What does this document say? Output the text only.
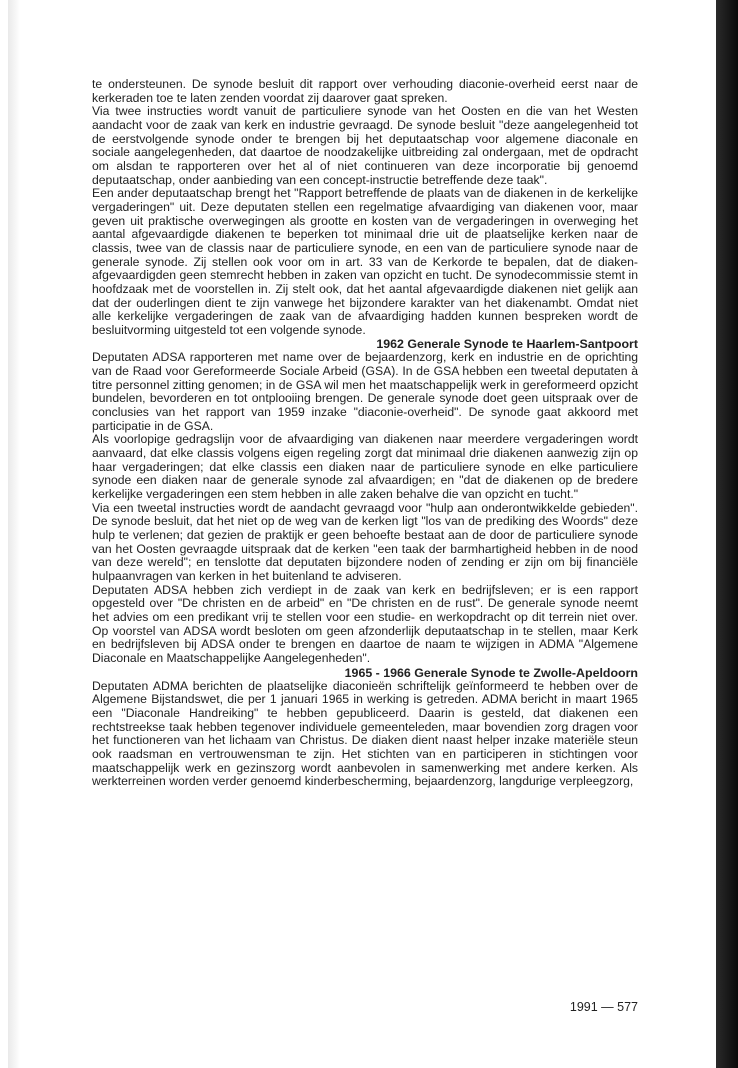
te ondersteunen. De synode besluit dit rapport over verhouding diaconie-overheid eerst naar de kerkeraden toe te laten zenden voordat zij daarover gaat spreken.

Via twee instructies wordt vanuit de particuliere synode van het Oosten en die van het Westen aandacht voor de zaak van kerk en industrie gevraagd. De synode besluit "deze aangelegenheid tot de eerstvolgende synode onder te brengen bij het deputaatschap voor algemene diaconale en sociale aangelegenheden, dat daartoe de noodzakelijke uitbreiding zal ondergaan, met de opdracht om alsdan te rapporteren over het al of niet continueren van deze incorporatie bij genoemd deputaatschap, onder aanbieding van een concept-instructie betreffende deze taak".

Een ander deputaatschap brengt het "Rapport betreffende de plaats van de diakenen in de kerkelijke vergaderingen" uit. Deze deputaten stellen een regelmatige afvaardiging van diakenen voor, maar geven uit praktische overwegingen als grootte en kosten van de vergaderingen in overweging het aantal afgevaardigde diakenen te beperken tot minimaal drie uit de plaatselijke kerken naar de classis, twee van de classis naar de particuliere synode, en een van de particuliere synode naar de generale synode. Zij stellen ook voor om in art. 33 van de Kerkorde te bepalen, dat de diaken-afgevaardigden geen stemrecht hebben in zaken van opzicht en tucht. De synodecommissie stemt in hoofdzaak met de voorstellen in. Zij stelt ook, dat het aantal afgevaardigde diakenen niet gelijk aan dat der ouderlingen dient te zijn vanwege het bijzondere karakter van het diakenambt. Omdat niet alle kerkelijke vergaderingen de zaak van de afvaardiging hadden kunnen bespreken wordt de besluitvorming uitgesteld tot een volgende synode.

1962 Generale Synode te Haarlem-Santpoort

Deputaten ADSA rapporteren met name over de bejaardenzorg, kerk en industrie en de oprichting van de Raad voor Gereformeerde Sociale Arbeid (GSA). In de GSA hebben een tweetal deputaten à titre personnel zitting genomen; in de GSA wil men het maatschappelijk werk in gereformeerd opzicht bundelen, bevorderen en tot ontplooiing brengen. De generale synode doet geen uitspraak over de conclusies van het rapport van 1959 inzake "diaconie-overheid". De synode gaat akkoord met participatie in de GSA.

Als voorlopige gedragslijn voor de afvaardiging van diakenen naar meerdere vergaderingen wordt aanvaard, dat elke classis volgens eigen regeling zorgt dat minimaal drie diakenen aanwezig zijn op haar vergaderingen; dat elke classis een diaken naar de particuliere synode en elke particuliere synode een diaken naar de generale synode zal afvaardigen; en "dat de diakenen op de bredere kerkelijke vergaderingen een stem hebben in alle zaken behalve die van opzicht en tucht."

Via een tweetal instructies wordt de aandacht gevraagd voor "hulp aan onderontwikkelde gebieden". De synode besluit, dat het niet op de weg van de kerken ligt "los van de prediking des Woords" deze hulp te verlenen; dat gezien de praktijk er geen behoefte bestaat aan de door de particuliere synode van het Oosten gevraagde uitspraak dat de kerken "een taak der barmhartigheid hebben in de nood van deze wereld"; en tenslotte dat deputaten bijzondere noden of zending er zijn om bij financiële hulpaanvragen van kerken in het buitenland te adviseren.

Deputaten ADSA hebben zich verdiept in de zaak van kerk en bedrijfsleven; er is een rapport opgesteld over "De christen en de arbeid" en "De christen en de rust". De generale synode neemt het advies om een predikant vrij te stellen voor een studie- en werkopdracht op dit terrein niet over. Op voorstel van ADSA wordt besloten om geen afzonderlijk deputaatschap in te stellen, maar Kerk en bedrijfsleven bij ADSA onder te brengen en daartoe de naam te wijzigen in ADMA "Algemene Diaconale en Maatschappelijke Aangelegenheden".

1965 - 1966 Generale Synode te Zwolle-Apeldoorn

Deputaten ADMA berichten de plaatselijke diaconieën schriftelijk geïnformeerd te hebben over de Algemene Bijstandswet, die per 1 januari 1965 in werking is getreden. ADMA bericht in maart 1965 een "Diaconale Handreiking" te hebben gepubliceerd. Daarin is gesteld, dat diakenen een rechtstreekse taak hebben tegenover individuele gemeenteleden, maar bovendien zorg dragen voor het functioneren van het lichaam van Christus. De diaken dient naast helper inzake materiële steun ook raadsman en vertrouwensman te zijn. Het stichten van en participeren in stichtingen voor maatschappelijk werk en gezinszorg wordt aanbevolen in samenwerking met andere kerken. Als werkterreinen worden verder genoemd kinderbescherming, bejaardenzorg, langdurige verpleegzorg,

1991 — 577
